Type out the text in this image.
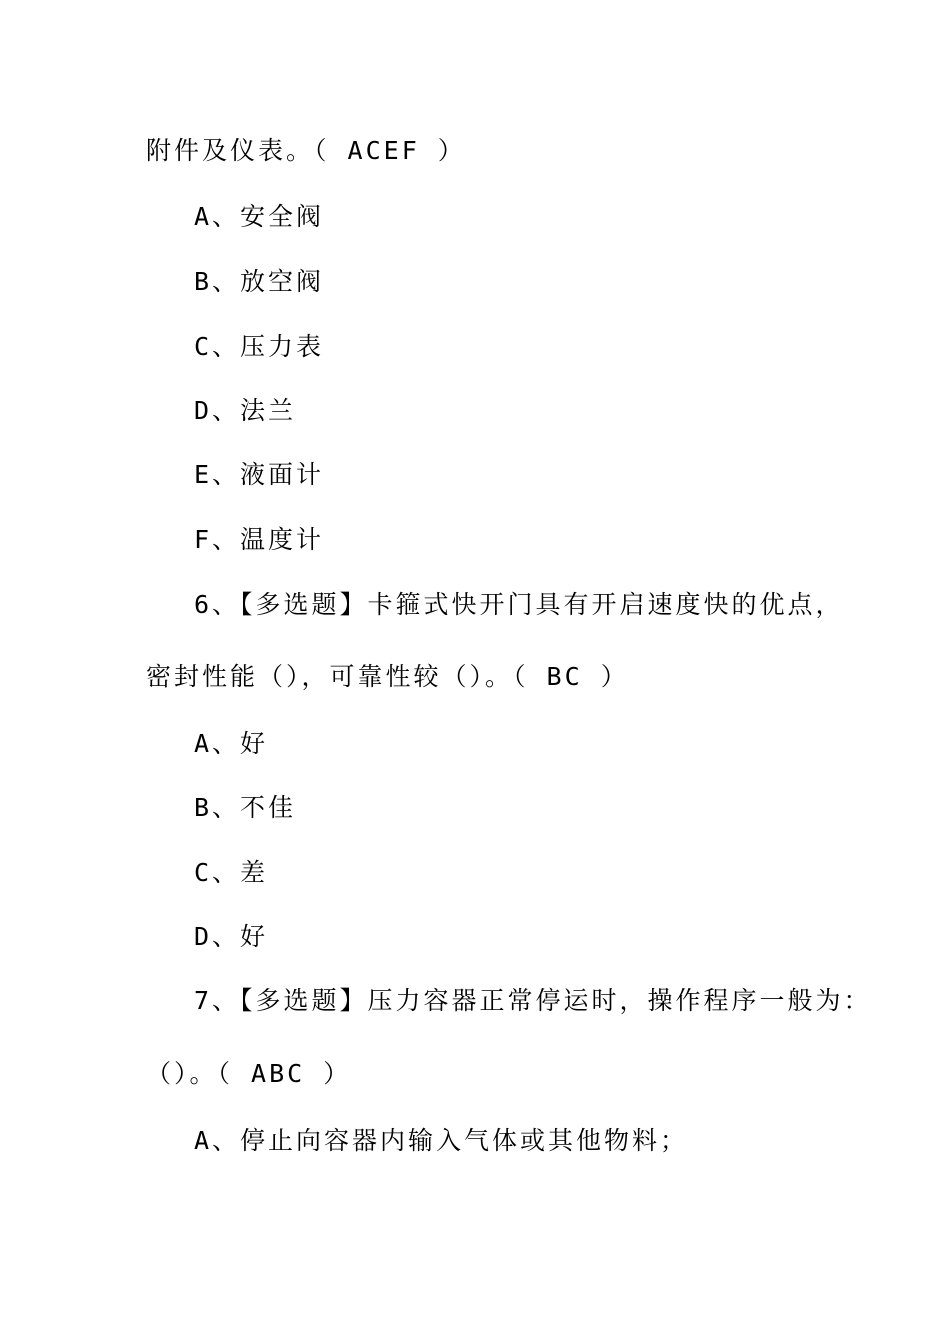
附件及仪表。（ ACEF ）
A、安全阀
B、放空阀
C、压力表
D、法兰
E、液面计
F、温度计
6、【多选题】卡箍式快开门具有开启速度快的优点，
密封性能（），可靠性较（）。（ BC ）
A、好
B、不佳
C、差
D、好
7、【多选题】压力容器正常停运时，操作程序一般为：
（）。（ ABC ）
A、停止向容器内输入气体或其他物料；
